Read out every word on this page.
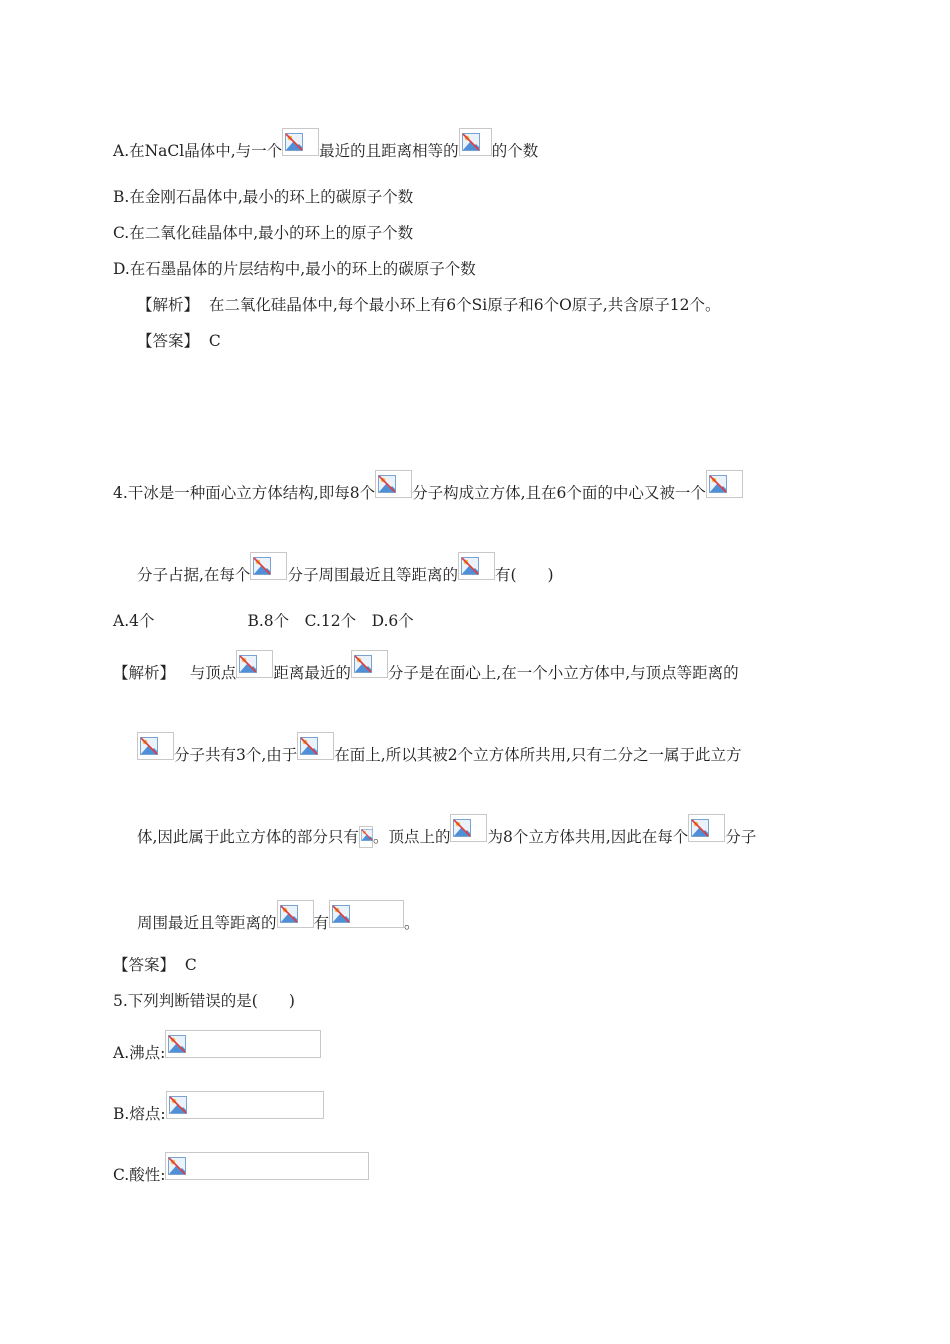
A.在NaCl晶体中,与一个 最近的且距离相等的 的个数
B.在金刚石晶体中,最小的环上的碳原子个数
C.在二氧化硅晶体中,最小的环上的原子个数
D.在石墨晶体的片层结构中,最小的环上的碳原子个数
【解析】 在二氧化硅晶体中,每个最小环上有6个Si原子和6个O原子,共含原子12个。
【答案】 C
4.干冰是一种面心立方体结构,即每8个 分子构成立方体,且在6个面的中心又被一个
分子占据,在每个 分子周围最近且等距离的 有(　　)
A.4个　　　　　　B.8个　C.12个　D.6个
【解析】 与顶点 距离最近的 分子是在面心上,在一个小立方体中,与顶点等距离的
分子共有3个,由于 在面上,所以其被2个立方体所共用,只有二分之一属于此立方
体,因此属于此立方体的部分只有 。顶点上的 为8个立方体共用,因此在每个 分子
周围最近且等距离的 有	。
【答案】 C
5.下列判断错误的是(　　)
A.沸点:
B.熔点:
C.酸性:
